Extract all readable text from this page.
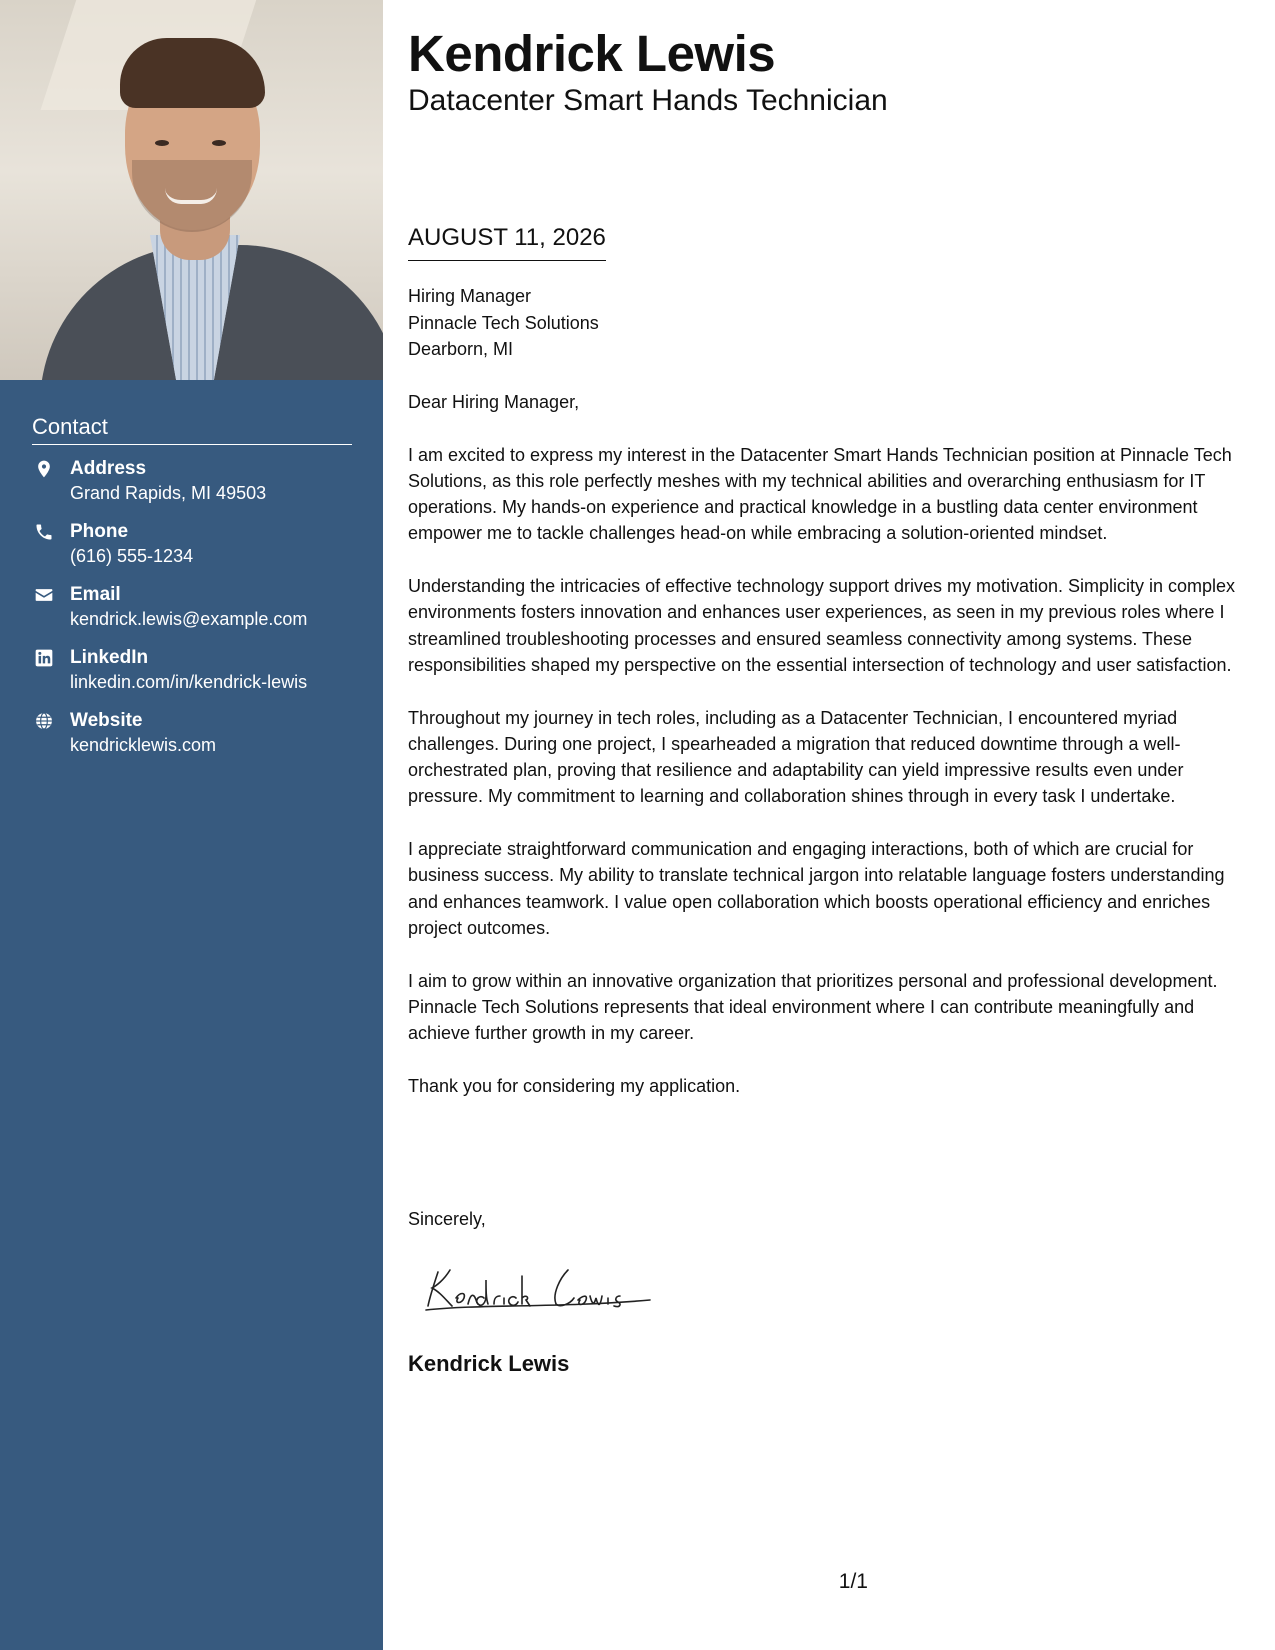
Contact
Address
Grand Rapids, MI 49503
Phone
(616) 555-1234
Email
kendrick.lewis@example.com
LinkedIn
linkedin.com/in/kendrick-lewis
Website
kendricklewis.com
Kendrick Lewis
Datacenter Smart Hands Technician
AUGUST 11, 2026
Hiring Manager
Pinnacle Tech Solutions
Dearborn, MI

Dear Hiring Manager,

I am excited to express my interest in the Datacenter Smart Hands Technician position at Pinnacle Tech Solutions, as this role perfectly meshes with my technical abilities and overarching enthusiasm for IT operations. My hands-on experience and practical knowledge in a bustling data center environment empower me to tackle challenges head-on while embracing a solution-oriented mindset.

Understanding the intricacies of effective technology support drives my motivation. Simplicity in complex environments fosters innovation and enhances user experiences, as seen in my previous roles where I streamlined troubleshooting processes and ensured seamless connectivity among systems. These responsibilities shaped my perspective on the essential intersection of technology and user satisfaction.

Throughout my journey in tech roles, including as a Datacenter Technician, I encountered myriad challenges. During one project, I spearheaded a migration that reduced downtime through a well-orchestrated plan, proving that resilience and adaptability can yield impressive results even under pressure. My commitment to learning and collaboration shines through in every task I undertake.

I appreciate straightforward communication and engaging interactions, both of which are crucial for business success. My ability to translate technical jargon into relatable language fosters understanding and enhances teamwork. I value open collaboration which boosts operational efficiency and enriches project outcomes.

I aim to grow within an innovative organization that prioritizes personal and professional development. Pinnacle Tech Solutions represents that ideal environment where I can contribute meaningfully and achieve further growth in my career.

Thank you for considering my application.

Sincerely,
Kendrick Lewis
1/1
